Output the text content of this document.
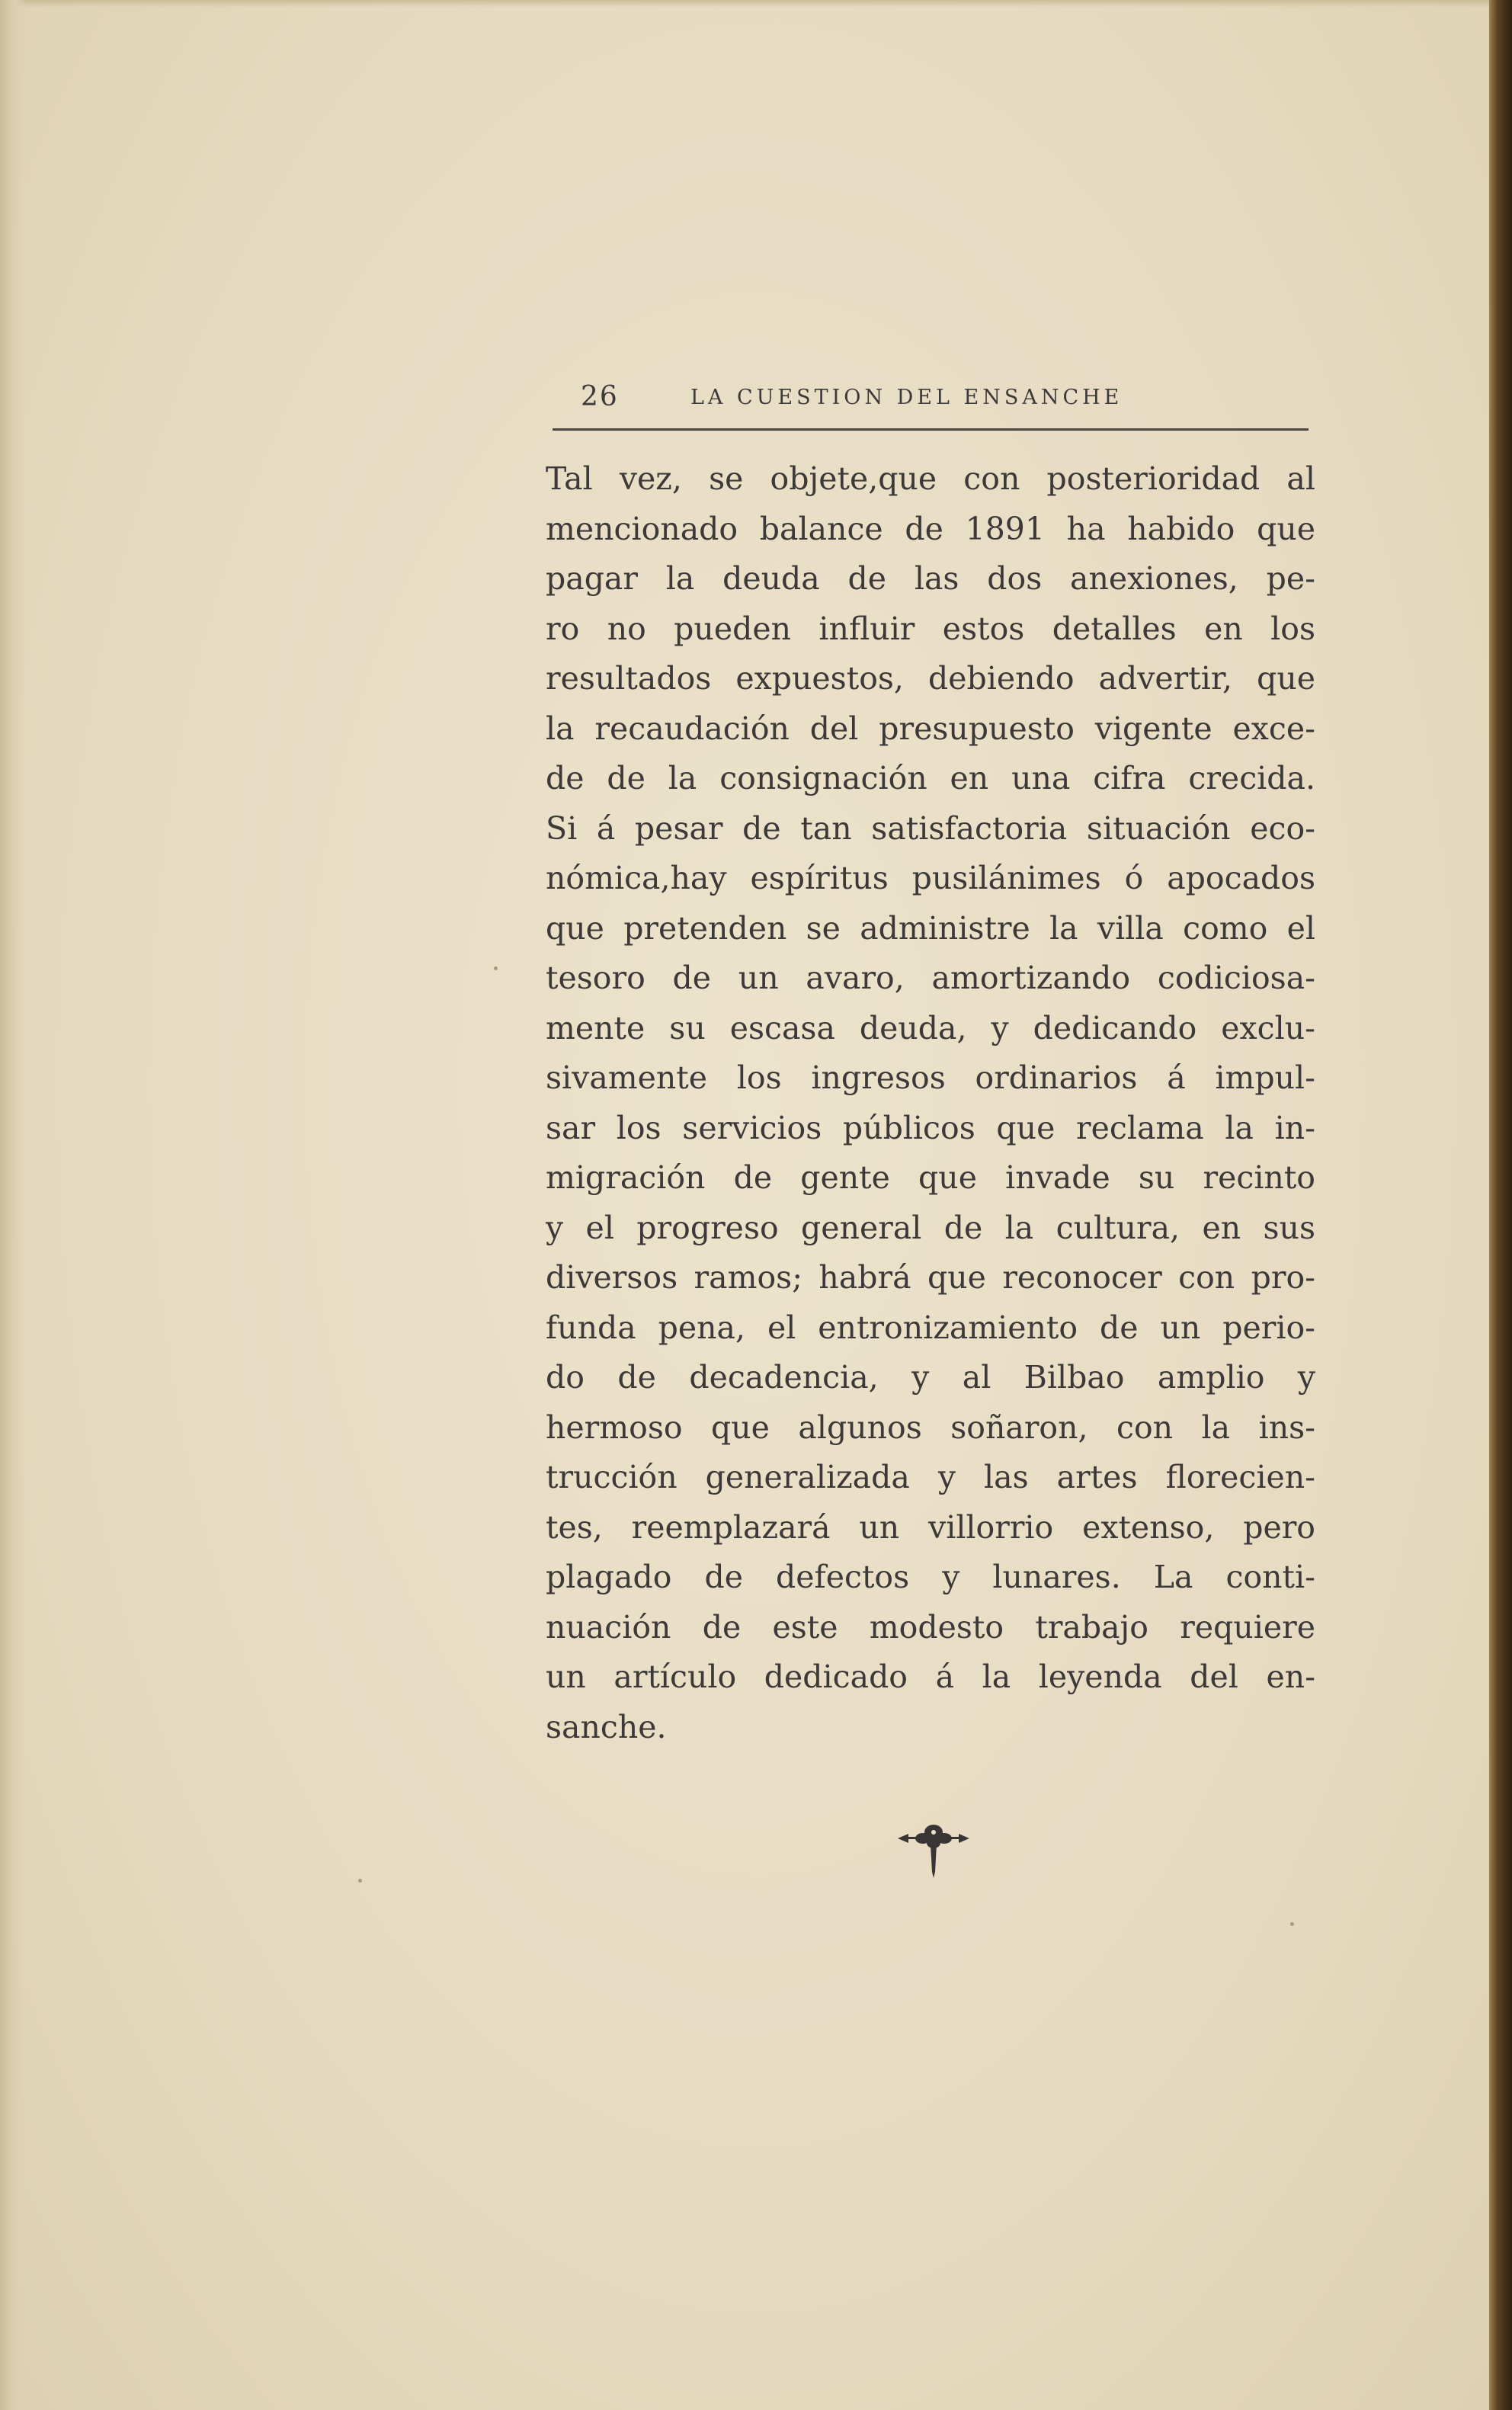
26	LA CUESTION DEL ENSANCHE
Tal vez, se objete,que con posterioridad al
mencionado balance de 1891 ha habido que
pagar la deuda de las dos anexiones, pe-
ro no pueden influir estos detalles en los
resultados expuestos, debiendo advertir, que
la recaudación del presupuesto vigente exce-
de de la consignación en una cifra crecida.
Si á pesar de tan satisfactoria situación eco-
nómica,hay espíritus pusilánimes ó apocados
que pretenden se administre la villa como el
tesoro de un avaro, amortizando codiciosa-
mente su escasa deuda, y dedicando exclu-
sivamente los ingresos ordinarios á impul-
sar los servicios públicos que reclama la in-
migración de gente que invade su recinto
y el progreso general de la cultura, en sus
diversos ramos; habrá que reconocer con pro-
funda pena, el entronizamiento de un perio-
do de decadencia, y al Bilbao amplio y
hermoso que algunos soñaron, con la ins-
trucción generalizada y las artes florecien-
tes, reemplazará un villorrio extenso, pero
plagado de defectos y lunares. La conti-
nuación de este modesto trabajo requiere
un artículo dedicado á la leyenda del en-
sanche.
